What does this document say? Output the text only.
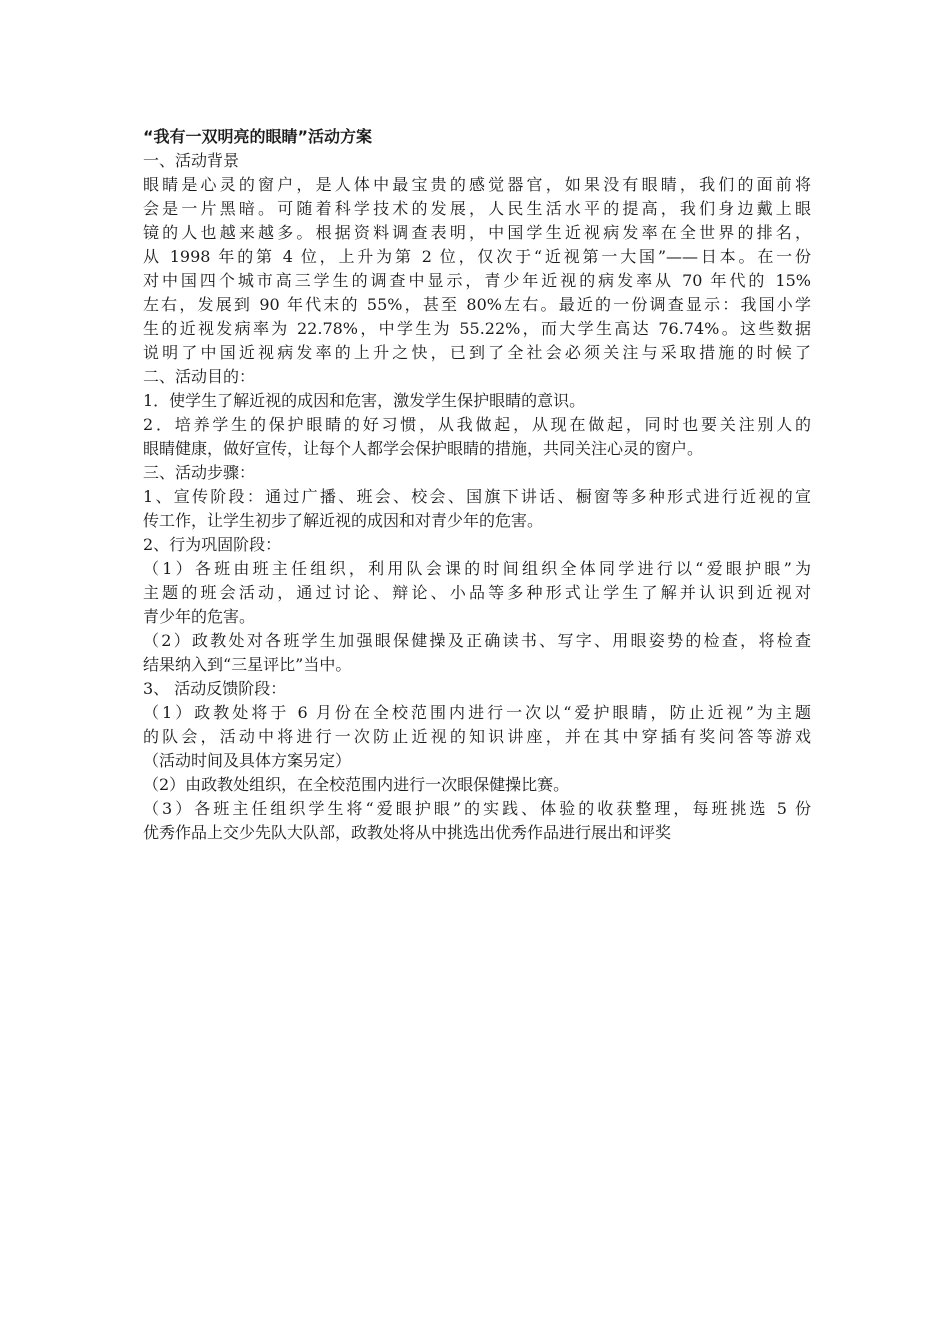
“我有一双明亮的眼睛”活动方案

一、活动背景

眼睛是心灵的窗户，是人体中最宝贵的感觉器官，如果没有眼睛，我们的面前将

会是一片黑暗。可随着科学技术的发展，人民生活水平的提高，我们身边戴上眼

镜的人也越来越多。根据资料调查表明，中国学生近视病发率在全世界的排名，

从 1998 年的第 4 位，上升为第 2 位，仅次于“近视第一大国”——日本。在一份

对中国四个城市高三学生的调查中显示，青少年近视的病发率从 70 年代的 15%

左右，发展到 90 年代末的 55%，甚至 80%左右。最近的一份调查显示：我国小学

生的近视发病率为 22.78%，中学生为 55.22%，而大学生高达 76.74%。这些数据

说明了中国近视病发率的上升之快，已到了全社会必须关注与采取措施的时候了

二、活动目的：

1．使学生了解近视的成因和危害，激发学生保护眼睛的意识。

2．培养学生的保护眼睛的好习惯，从我做起，从现在做起，同时也要关注别人的

眼睛健康，做好宣传，让每个人都学会保护眼睛的措施，共同关注心灵的窗户。

三、活动步骤：

1、宣传阶段：通过广播、班会、校会、国旗下讲话、橱窗等多种形式进行近视的宣

传工作，让学生初步了解近视的成因和对青少年的危害。

2、行为巩固阶段：

（1）各班由班主任组织，利用队会课的时间组织全体同学进行以“爱眼护眼”为

主题的班会活动，通过讨论、辩论、小品等多种形式让学生了解并认识到近视对

青少年的危害。

（2）政教处对各班学生加强眼保健操及正确读书、写字、用眼姿势的检查，将检查

结果纳入到“三星评比”当中。

3、 活动反馈阶段：

（1）政教处将于 6 月份在全校范围内进行一次以“爱护眼睛，防止近视”为主题

的队会，活动中将进行一次防止近视的知识讲座，并在其中穿插有奖问答等游戏

（活动时间及具体方案另定）

（2）由政教处组织，在全校范围内进行一次眼保健操比赛。

（3）各班主任组织学生将“爱眼护眼”的实践、体验的收获整理，每班挑选 5 份

优秀作品上交少先队大队部，政教处将从中挑选出优秀作品进行展出和评奖
